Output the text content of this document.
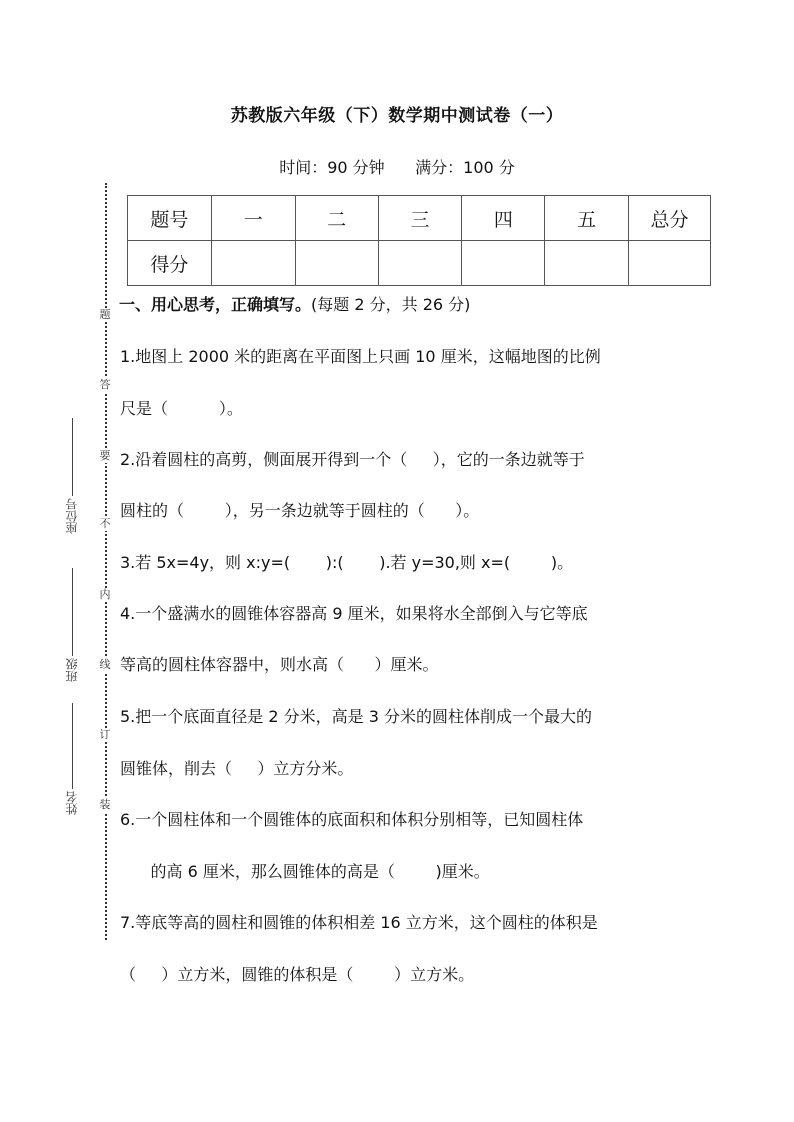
苏教版六年级（下）数学期中测试卷（一）
时间：90 分钟      满分：100 分
题
答
要
不
内
线
订
装
座位号
班级
姓名
题号	一	二	三	四	五	总分
得分						
一、用心思考，正确填写。(每题 2 分，共 26 分)
1.地图上 2000 米的距离在平面图上只画 10 厘米，这幅地图的比例
尺是（          ）。
2.沿着圆柱的高剪，侧面展开得到一个（     ），它的一条边就等于
圆柱的（        ），另一条边就等于圆柱的（      ）。
3.若 5x=4y，则 x:y=(       ):(       ).若 y=30,则 x=(        )。
4.一个盛满水的圆锥体容器高 9 厘米，如果将水全部倒入与它等底
等高的圆柱体容器中，则水高（      ）厘米。
5.把一个底面直径是 2 分米，高是 3 分米的圆柱体削成一个最大的
圆锥体，削去（     ）立方分米。
6.一个圆柱体和一个圆锥体的底面积和体积分别相等，已知圆柱体
的高 6 厘米，那么圆锥体的高是（        )厘米。
7.等底等高的圆柱和圆锥的体积相差 16 立方米，这个圆柱的体积是
（     ）立方米，圆锥的体积是（        ）立方米。
